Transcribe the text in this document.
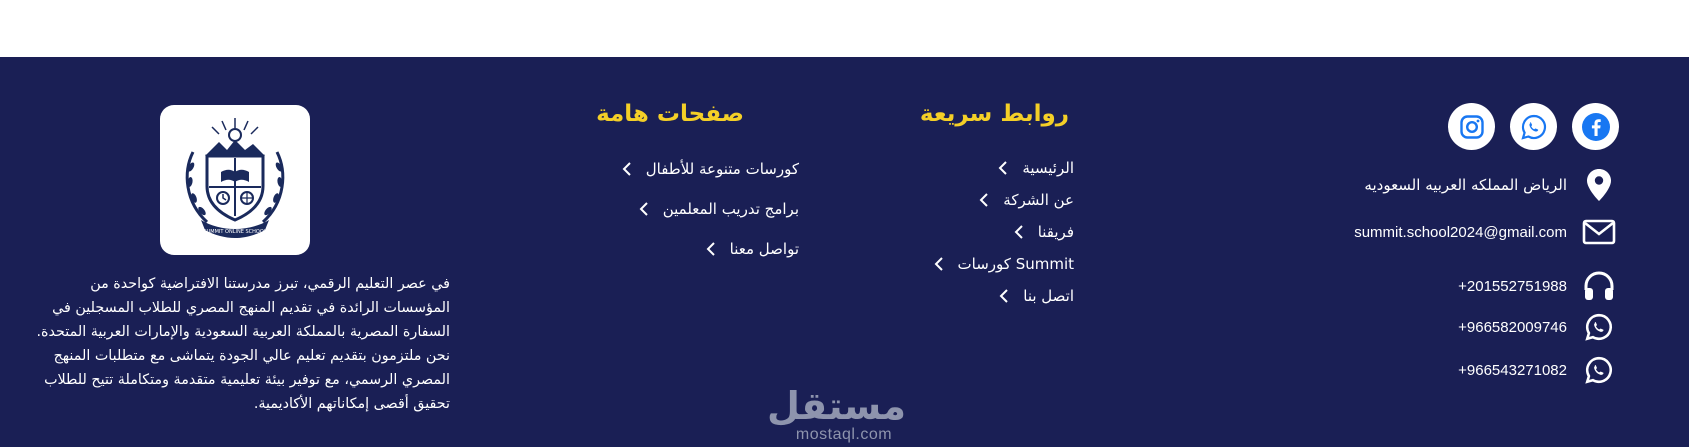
الرياض المملكه العربيه السعوديه
summit.school2024@gmail.com
+201552751988
+966582009746
+966543271082
روابط سريعة
الرئيسية
عن الشركة
فريقنا
Summit كورسات
اتصل بنا
صفحات هامة
كورسات متنوعة للأطفال
برامج تدريب المعلمين
تواصل معنا
SUMMIT ONLINE SCHOOL

في عصر التعليم الرقمي، تبرز مدرستنا الافتراضية كواحدة من المؤسسات الرائدة في تقديم المنهج المصري للطلاب المسجلين في السفارة المصرية بالمملكة العربية السعودية والإمارات العربية المتحدة. نحن ملتزمون بتقديم تعليم عالي الجودة يتماشى مع متطلبات المنهج المصري الرسمي، مع توفير بيئة تعليمية متقدمة ومتكاملة تتيح للطلاب تحقيق أقصى إمكاناتهم الأكاديمية.	مستقل
mostaql.com
